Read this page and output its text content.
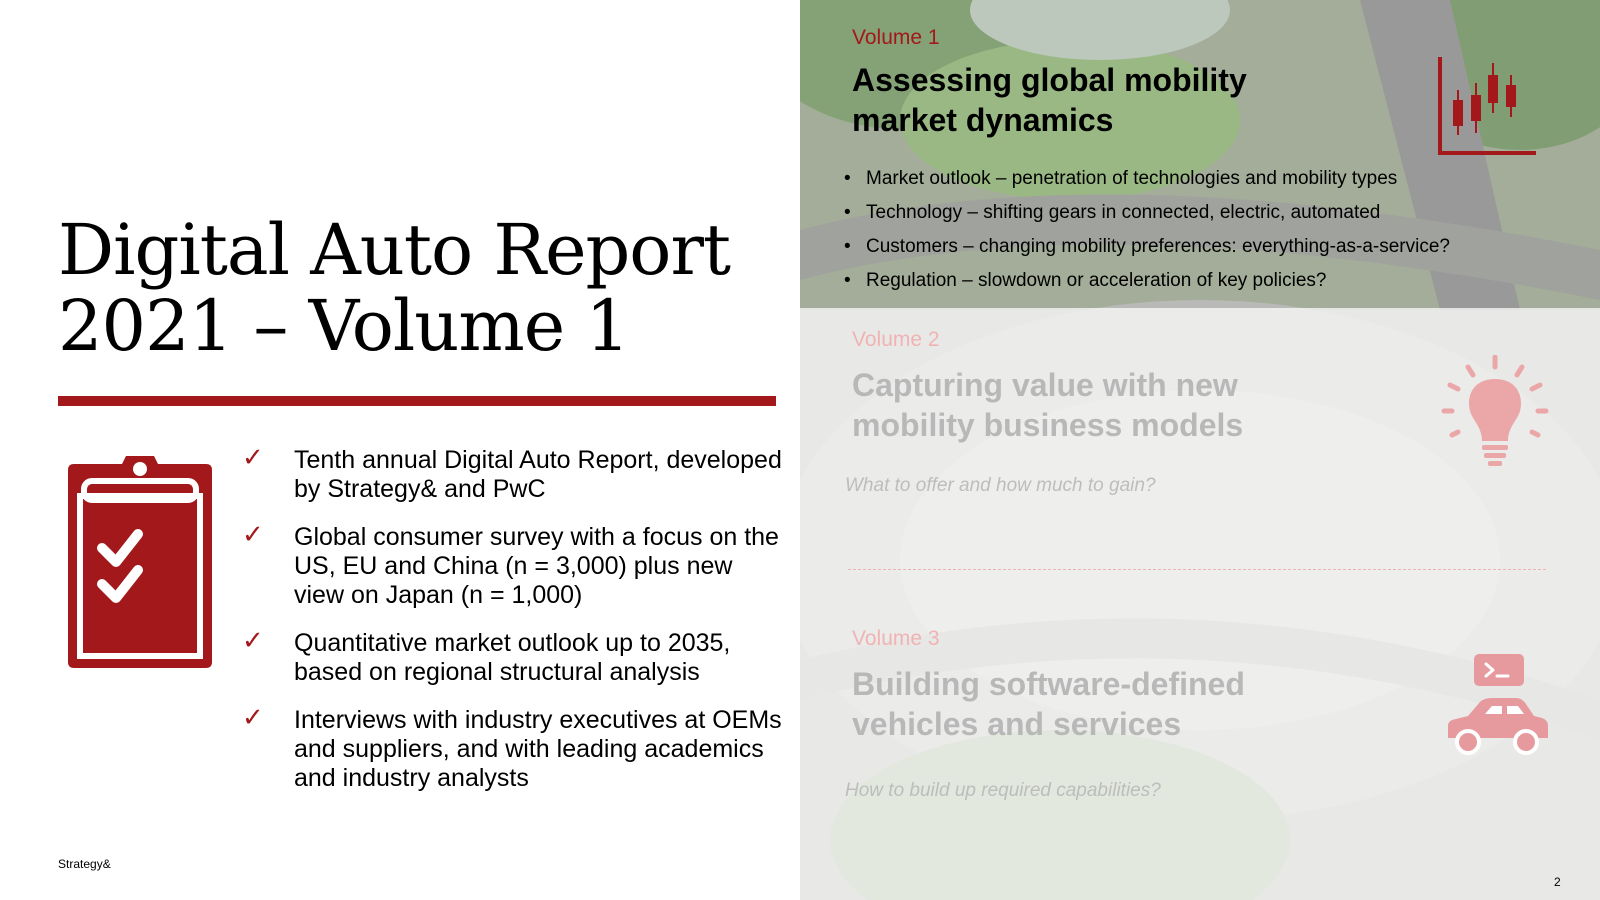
Digital Auto Report
2021 – Volume 1
✓ Tenth annual Digital Auto Report, developed by Strategy& and PwC
✓ Global consumer survey with a focus on the US, EU and China (n = 3,000) plus new view on Japan (n = 1,000)
✓ Quantitative market outlook up to 2035, based on regional structural analysis
✓ Interviews with industry executives at OEMs and suppliers, and with leading academics and industry analysts
Strategy&
Volume 1
Assessing global mobility
market dynamics
• Market outlook – penetration of technologies and mobility types
• Technology – shifting gears in connected, electric, automated
• Customers – changing mobility preferences: everything-as-a-service?
• Regulation – slowdown or acceleration of key policies?
Volume 2
Capturing value with new
mobility business models
What to offer and how much to gain?
Volume 3
Building software-defined
vehicles and services
How to build up required capabilities?
2
